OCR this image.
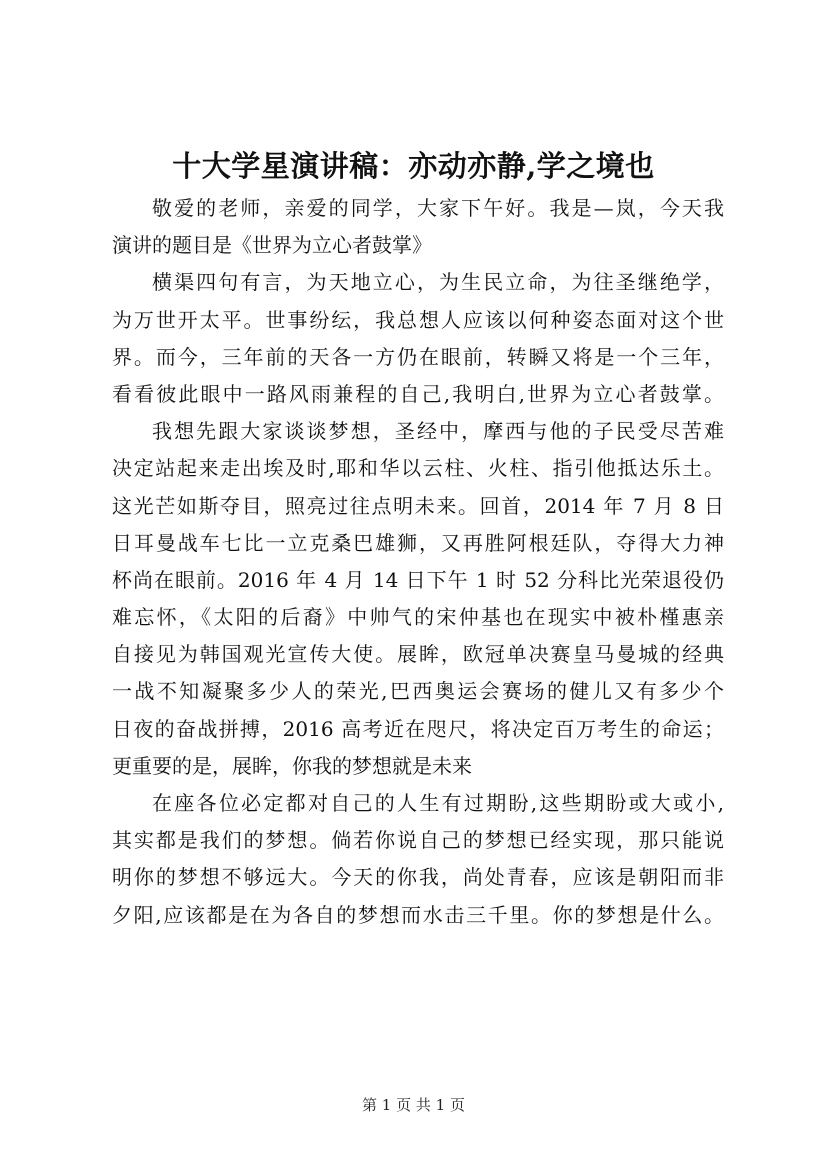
十大学星演讲稿：亦动亦静,学之境也
敬爱的老师，亲爱的同学，大家下午好。我是—岚，今天我
演讲的题目是《世界为立心者鼓掌》
横渠四句有言，为天地立心，为生民立命，为往圣继绝学，
为万世开太平。世事纷纭，我总想人应该以何种姿态面对这个世
界。而今，三年前的天各一方仍在眼前，转瞬又将是一个三年，
看看彼此眼中一路风雨兼程的自己,我明白,世界为立心者鼓掌。
我想先跟大家谈谈梦想，圣经中，摩西与他的子民受尽苦难
决定站起来走出埃及时,耶和华以云柱、火柱、指引他抵达乐土。
这光芒如斯夺目，照亮过往点明未来。回首，2014 年 7 月 8 日
日耳曼战车七比一立克桑巴雄狮，又再胜阿根廷队，夺得大力神
杯尚在眼前。2016 年 4 月 14 日下午 1 时 52 分科比光荣退役仍
难忘怀，《太阳的后裔》中帅气的宋仲基也在现实中被朴槿惠亲
自接见为韩国观光宣传大使。展眸，欧冠单决赛皇马曼城的经典
一战不知凝聚多少人的荣光,巴西奥运会赛场的健儿又有多少个
日夜的奋战拼搏，2016 高考近在咫尺，将决定百万考生的命运；
更重要的是，展眸，你我的梦想就是未来
在座各位必定都对自己的人生有过期盼,这些期盼或大或小,
其实都是我们的梦想。倘若你说自己的梦想已经实现，那只能说
明你的梦想不够远大。今天的你我，尚处青春，应该是朝阳而非
夕阳,应该都是在为各自的梦想而水击三千里。你的梦想是什么。
第 1 页 共 1 页
